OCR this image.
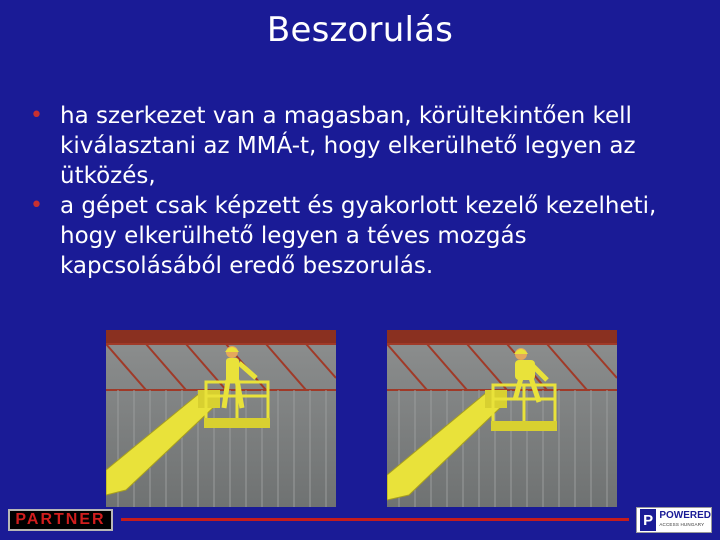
Beszorulás
• ha szerkezet van a magasban, körültekintően kell kiválasztani az MMÁ-t, hogy elkerülhető legyen az ütközés,
• a gépet csak képzett és gyakorlott kezelő kezelheti, hogy elkerülhető legyen a téves mozgás kapcsolásából eredő beszorulás.
PARTNER	P POWERED
ACCESS HUNGARY
